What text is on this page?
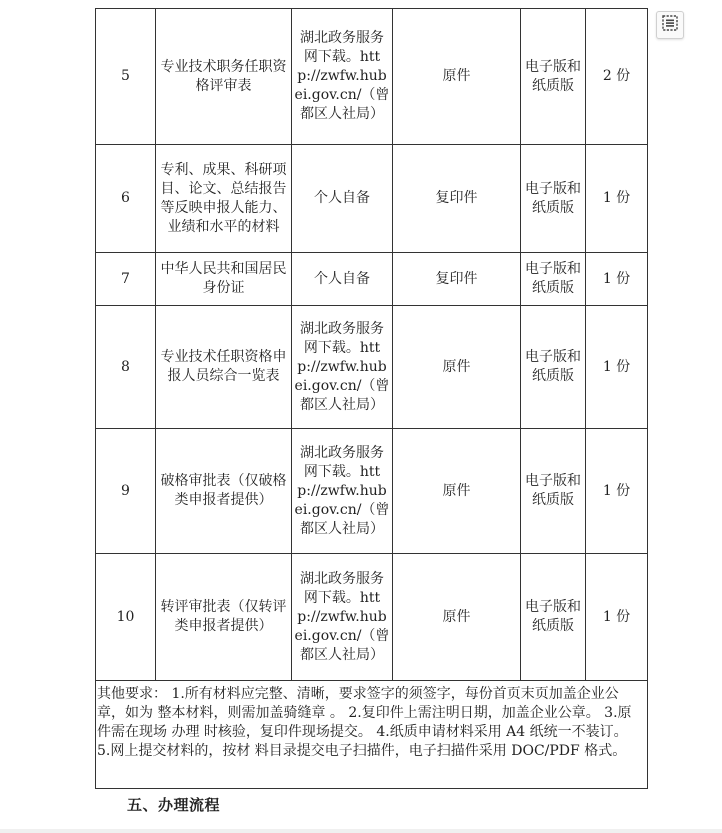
5	专业技术职务任职资格评审表	湖北政务服务网下载。http://zwfw.hubei.gov.cn/（曾都区人社局）	原件	电子版和纸质版	2 份
6	专利、成果、科研项目、论文、总结报告等反映申报人能力、业绩和水平的材料	个人自备	复印件	电子版和纸质版	1 份
7	中华人民共和国居民身份证	个人自备	复印件	电子版和纸质版	1 份
8	专业技术任职资格申报人员综合一览表	湖北政务服务网下载。http://zwfw.hubei.gov.cn/（曾都区人社局）	原件	电子版和纸质版	1 份
9	破格审批表（仅破格类申报者提供）	湖北政务服务网下载。http://zwfw.hubei.gov.cn/（曾都区人社局）	原件	电子版和纸质版	1 份
10	转评审批表（仅转评类申报者提供）	湖北政务服务网下载。http://zwfw.hubei.gov.cn/（曾都区人社局）	原件	电子版和纸质版	1 份
其他要求： 1.所有材料应完整、清晰，要求签字的须签字，每份首页末页加盖企业公章，如为 整本材料，则需加盖骑缝章 。 2.复印件上需注明日期，加盖企业公章。 3.原件需在现场 办理 时核验，复印件现场提交。 4.纸质申请材料采用 A4 纸统一不装订。 5.网上提交材料的，按材 料目录提交电子扫描件，电子扫描件采用 DOC/PDF 格式。					
五、办理流程
